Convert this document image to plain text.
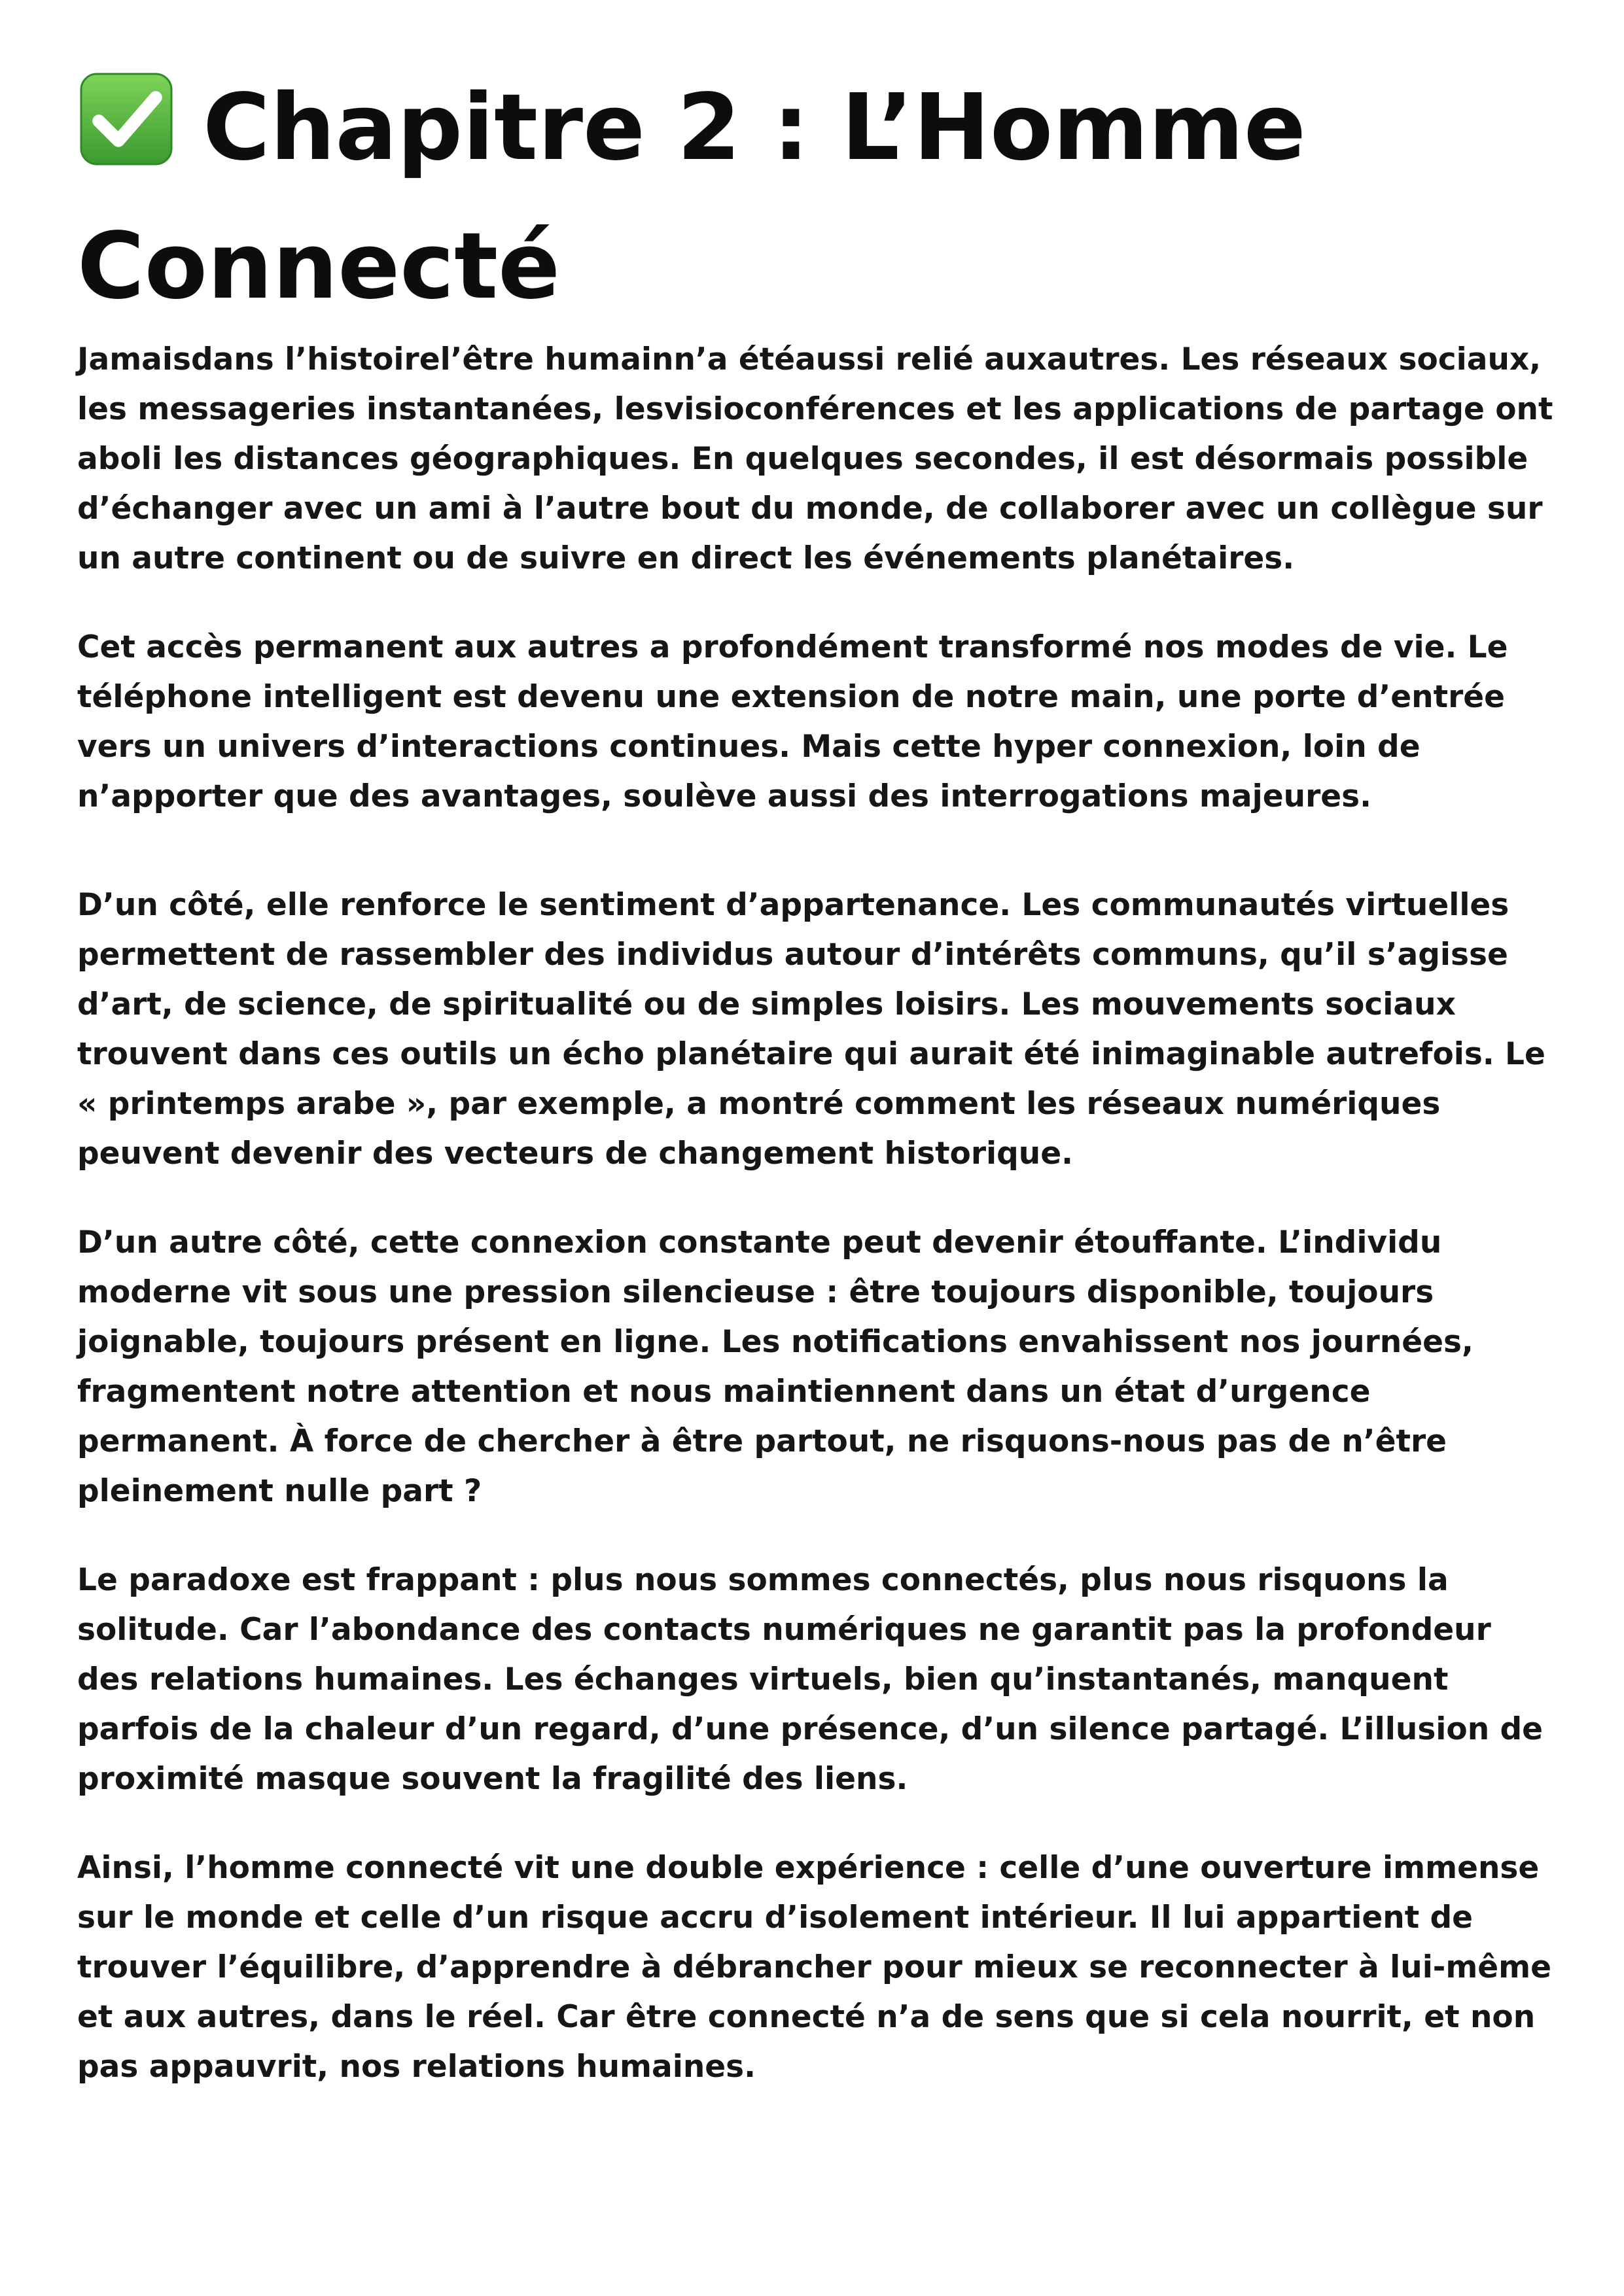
Chapitre 2 : L’Homme Connecté

Jamaisdans l’histoirel’être humainn’a étéaussi relié auxautres. Les réseaux sociaux, les messageries instantanées, lesvisioconférences et les applications de partage ont aboli les distances géographiques. En quelques secondes, il est désormais possible d’échanger avec un ami à l’autre bout du monde, de collaborer avec un collègue sur un autre continent ou de suivre en direct les événements planétaires.

Cet accès permanent aux autres a profondément transformé nos modes de vie. Le téléphone intelligent est devenu une extension de notre main, une porte d’entrée vers un univers d’interactions continues. Mais cette hyper connexion, loin de n’apporter que des avantages, soulève aussi des interrogations majeures.

D’un côté, elle renforce le sentiment d’appartenance. Les communautés virtuelles permettent de rassembler des individus autour d’intérêts communs, qu’il s’agisse d’art, de science, de spiritualité ou de simples loisirs. Les mouvements sociaux trouvent dans ces outils un écho planétaire qui aurait été inimaginable autrefois. Le « printemps arabe », par exemple, a montré comment les réseaux numériques peuvent devenir des vecteurs de changement historique.

D’un autre côté, cette connexion constante peut devenir étouffante. L’individu moderne vit sous une pression silencieuse : être toujours disponible, toujours joignable, toujours présent en ligne. Les notifications envahissent nos journées, fragmentent notre attention et nous maintiennent dans un état d’urgence permanent. À force de chercher à être partout, ne risquons-nous pas de n’être pleinement nulle part ?

Le paradoxe est frappant : plus nous sommes connectés, plus nous risquons la solitude. Car l’abondance des contacts numériques ne garantit pas la profondeur des relations humaines. Les échanges virtuels, bien qu’instantanés, manquent parfois de la chaleur d’un regard, d’une présence, d’un silence partagé. L’illusion de proximité masque souvent la fragilité des liens.

Ainsi, l’homme connecté vit une double expérience : celle d’une ouverture immense sur le monde et celle d’un risque accru d’isolement intérieur. Il lui appartient de trouver l’équilibre, d’apprendre à débrancher pour mieux se reconnecter à lui-même et aux autres, dans le réel. Car être connecté n’a de sens que si cela nourrit, et non pas appauvrit, nos relations humaines.
